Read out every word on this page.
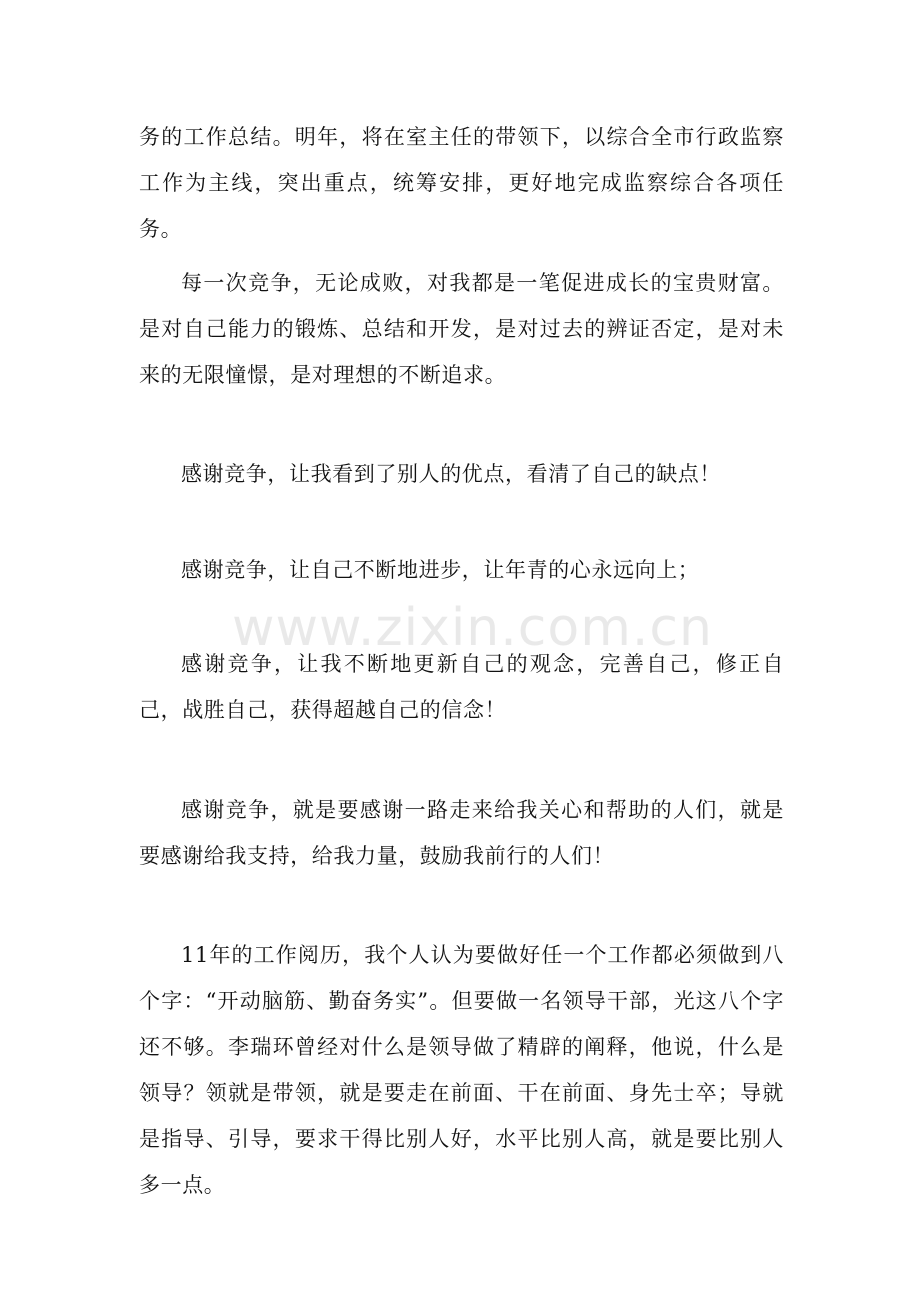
www.zixin.com.cn

务的工作总结。明年，将在室主任的带领下，以综合全市行政监察工作为主线，突出重点，统筹安排，更好地完成监察综合各项任务。

每一次竞争，无论成败，对我都是一笔促进成长的宝贵财富。是对自己能力的锻炼、总结和开发，是对过去的辨证否定，是对未来的无限憧憬，是对理想的不断追求。

感谢竞争，让我看到了别人的优点，看清了自己的缺点！

感谢竞争，让自己不断地进步，让年青的心永远向上；

感谢竞争，让我不断地更新自己的观念，完善自己，修正自己，战胜自己，获得超越自己的信念！

感谢竞争，就是要感谢一路走来给我关心和帮助的人们，就是要感谢给我支持，给我力量，鼓励我前行的人们！

11年的工作阅历，我个人认为要做好任一个工作都必须做到八个字：“开动脑筋、勤奋务实”。但要做一名领导干部，光这八个字还不够。李瑞环曾经对什么是领导做了精辟的阐释，他说，什么是领导？领就是带领，就是要走在前面、干在前面、身先士卒；导就是指导、引导，要求干得比别人好，水平比别人高，就是要比别人多一点。
